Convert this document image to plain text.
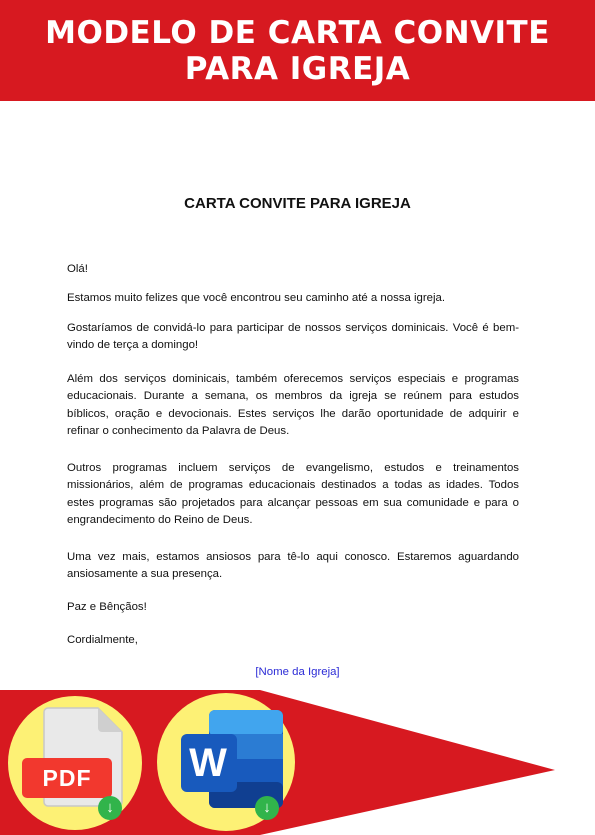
MODELO DE CARTA CONVITE PARA IGREJA
CARTA CONVITE PARA IGREJA

Olá!

Estamos muito felizes que você encontrou seu caminho até a nossa igreja.

Gostaríamos de convidá-lo para participar de nossos serviços dominicais. Você é bem-vindo de terça a domingo!

Além dos serviços dominicais, também oferecemos serviços especiais e programas educacionais. Durante a semana, os membros da igreja se reúnem para estudos bíblicos, oração e devocionais. Estes serviços lhe darão oportunidade de adquirir e refinar o conhecimento da Palavra de Deus.

Outros programas incluem serviços de evangelismo, estudos e treinamentos missionários, além de programas educacionais destinados a todas as idades. Todos estes programas são projetados para alcançar pessoas em sua comunidade e para o engrandecimento do Reino de Deus.

Uma vez mais, estamos ansiosos para tê-lo aqui conosco. Estaremos aguardando ansiosamente a sua presença.

Paz e Bênçãos!

Cordialmente,

[Nome da Igreja]
PDF
↓
W
↓
